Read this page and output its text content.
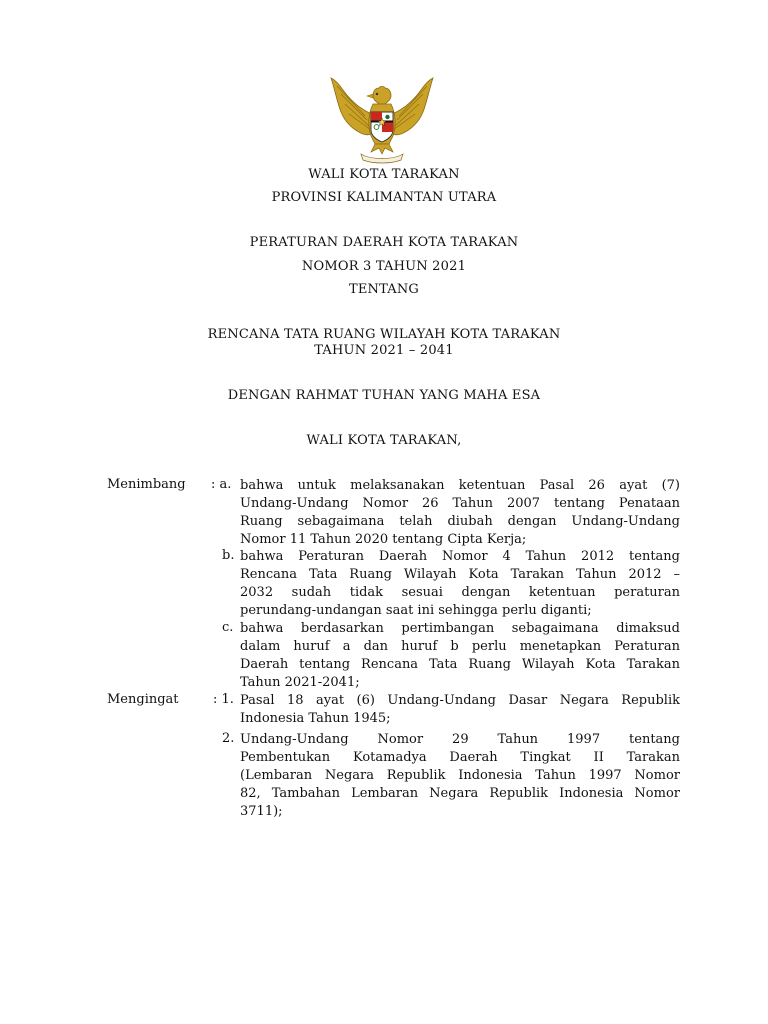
WALI KOTA TARAKAN
PROVINSI KALIMANTAN UTARA
PERATURAN DAERAH KOTA TARAKAN
NOMOR 3 TAHUN 2021
TENTANG
RENCANA TATA RUANG WILAYAH KOTA TARAKAN
TAHUN 2021 – 2041
DENGAN RAHMAT TUHAN YANG MAHA ESA
WALI KOTA TARAKAN,
Menimbang : a. bahwa untuk melaksanakan ketentuan Pasal 26 ayat (7)
Undang-Undang Nomor 26 Tahun 2007 tentang Penataan
Ruang sebagaimana telah diubah dengan Undang-Undang
Nomor 11 Tahun 2020 tentang Cipta Kerja;
b. bahwa Peraturan Daerah Nomor 4 Tahun 2012 tentang
Rencana Tata Ruang Wilayah Kota Tarakan Tahun 2012 –
2032 sudah tidak sesuai dengan ketentuan peraturan
perundang-undangan saat ini sehingga perlu diganti;
c. bahwa berdasarkan pertimbangan sebagaimana dimaksud
dalam huruf a dan huruf b perlu menetapkan Peraturan
Daerah tentang Rencana Tata Ruang Wilayah Kota Tarakan
Tahun 2021-2041;
Mengingat	: 1. Pasal 18 ayat (6) Undang-Undang Dasar Negara Republik
Indonesia Tahun 1945;
2. Undang-Undang Nomor 29 Tahun 1997 tentang
Pembentukan Kotamadya Daerah Tingkat II Tarakan
(Lembaran Negara Republik Indonesia Tahun 1997 Nomor
82, Tambahan Lembaran Negara Republik Indonesia Nomor
3711);
